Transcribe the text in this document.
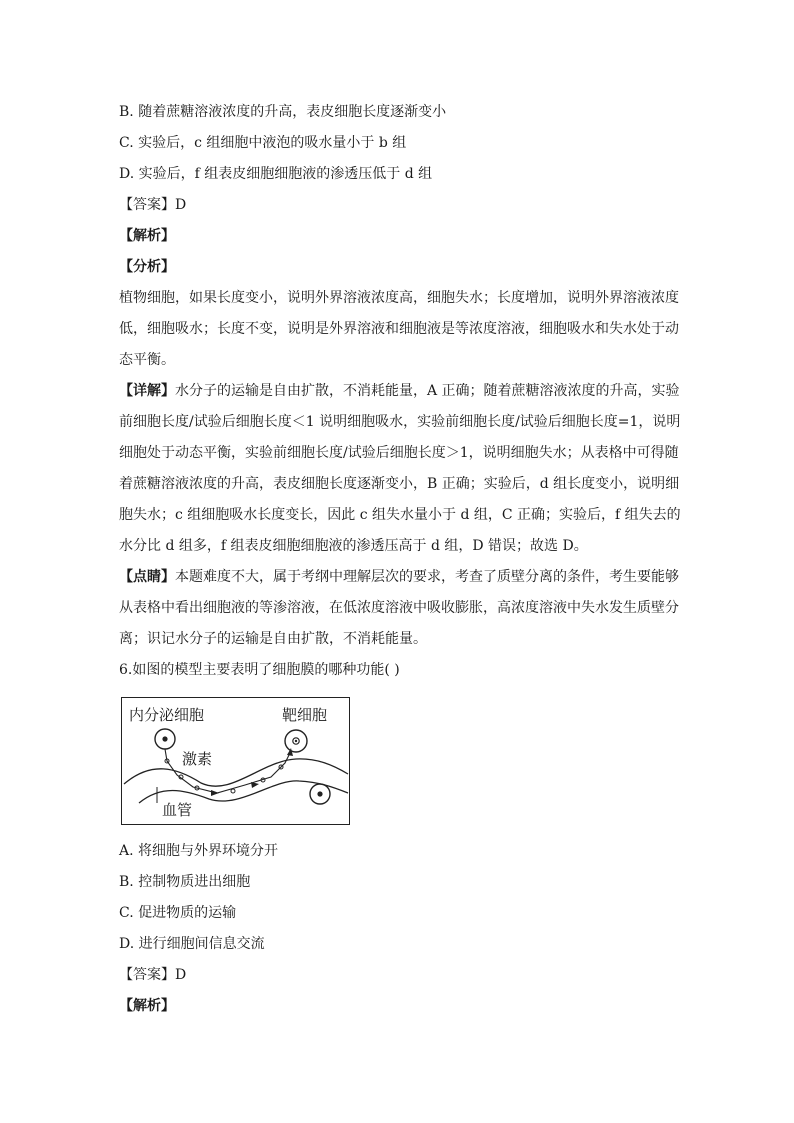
B. 随着蔗糖溶液浓度的升高，表皮细胞长度逐渐变小
C. 实验后，c 组细胞中液泡的吸水量小于 b 组
D. 实验后，f 组表皮细胞细胞液的渗透压低于 d 组
【答案】D
【解析】
【分析】
植物细胞，如果长度变小，说明外界溶液浓度高，细胞失水；长度增加，说明外界溶液浓度
低，细胞吸水；长度不变，说明是外界溶液和细胞液是等浓度溶液，细胞吸水和失水处于动
态平衡。
【详解】水分子的运输是自由扩散，不消耗能量，A 正确；随着蔗糖溶液浓度的升高，实验
前细胞长度/试验后细胞长度＜1 说明细胞吸水，实验前细胞长度/试验后细胞长度=1，说明
细胞处于动态平衡，实验前细胞长度/试验后细胞长度＞1，说明细胞失水；从表格中可得随
着蔗糖溶液浓度的升高，表皮细胞长度逐渐变小，B 正确；实验后，d 组长度变小，说明细
胞失水；c 组细胞吸水长度变长，因此 c 组失水量小于 d 组，C 正确；实验后，f 组失去的
水分比 d 组多，f 组表皮细胞细胞液的渗透压高于 d 组，D 错误；故选 D。
【点睛】本题难度不大，属于考纲中理解层次的要求，考查了质壁分离的条件，考生要能够
从表格中看出细胞液的等渗溶液，在低浓度溶液中吸收膨胀，高浓度溶液中失水发生质壁分
离；识记水分子的运输是自由扩散，不消耗能量。
6.如图的模型主要表明了细胞膜的哪种功能( )
内分泌细胞	靶细胞
激素
血管
A. 将细胞与外界环境分开
B. 控制物质进出细胞
C. 促进物质的运输
D. 进行细胞间信息交流
【答案】D
【解析】
